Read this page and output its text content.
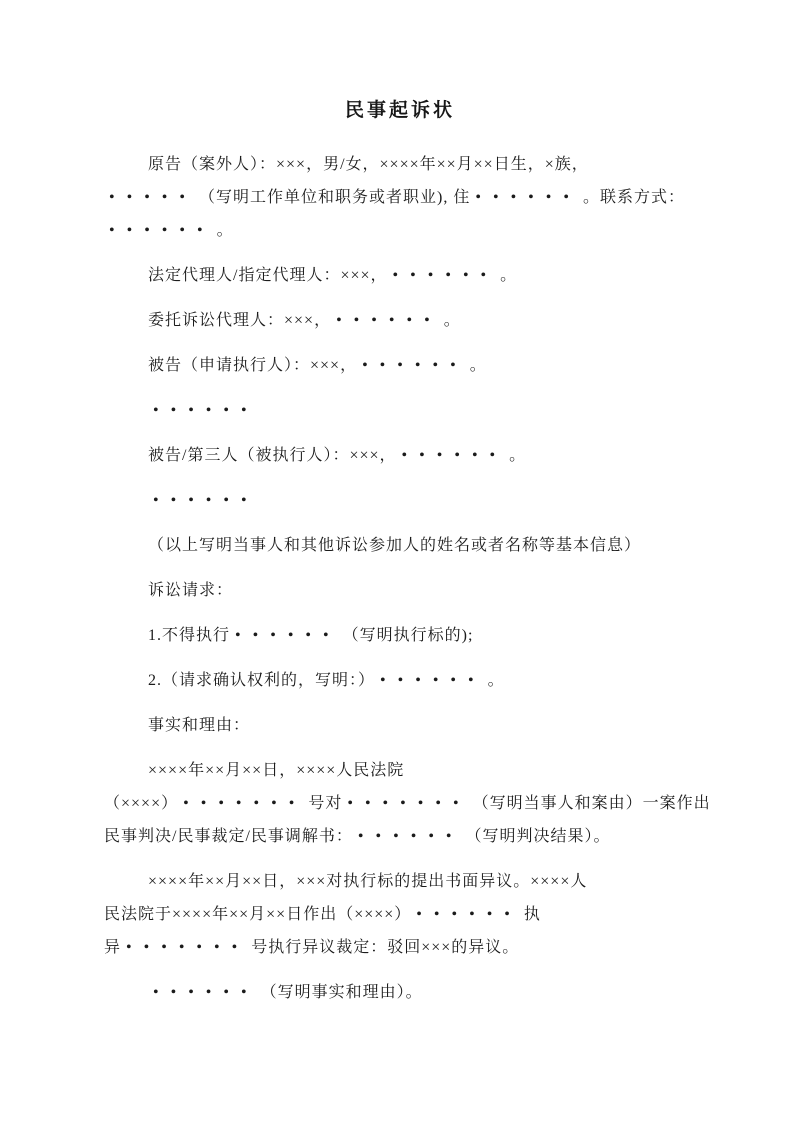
民事起诉状
原告（案外人）：×××，男/女，××××年××月××日生，×族，
••••• （写明工作单位和职务或者职业), 住 •••••• 。联系方式：
•••••• 。
法定代理人/指定代理人：×××， •••••• 。
委托诉讼代理人：×××， •••••• 。
被告（申请执行人）：×××， •••••• 。
••••••
被告/第三人（被执行人）：×××， •••••• 。
••••••
（以上写明当事人和其他诉讼参加人的姓名或者名称等基本信息）
诉讼请求：
1.不得执行 •••••• （写明执行标的);
2.（请求确认权利的，写明：） •••••• 。
事实和理由：
××××年××月××日，××××人民法院
（××××） ••••••• 号对 ••••••• （写明当事人和案由）一案作出
民事判决/民事裁定/民事调解书： •••••• （写明判决结果）。
××××年××月××日，×××对执行标的提出书面异议。××××人
民法院于××××年××月××日作出（××××） •••••• 执
异 ••••••• 号执行异议裁定：驳回×××的异议。
•••••• （写明事实和理由）。
